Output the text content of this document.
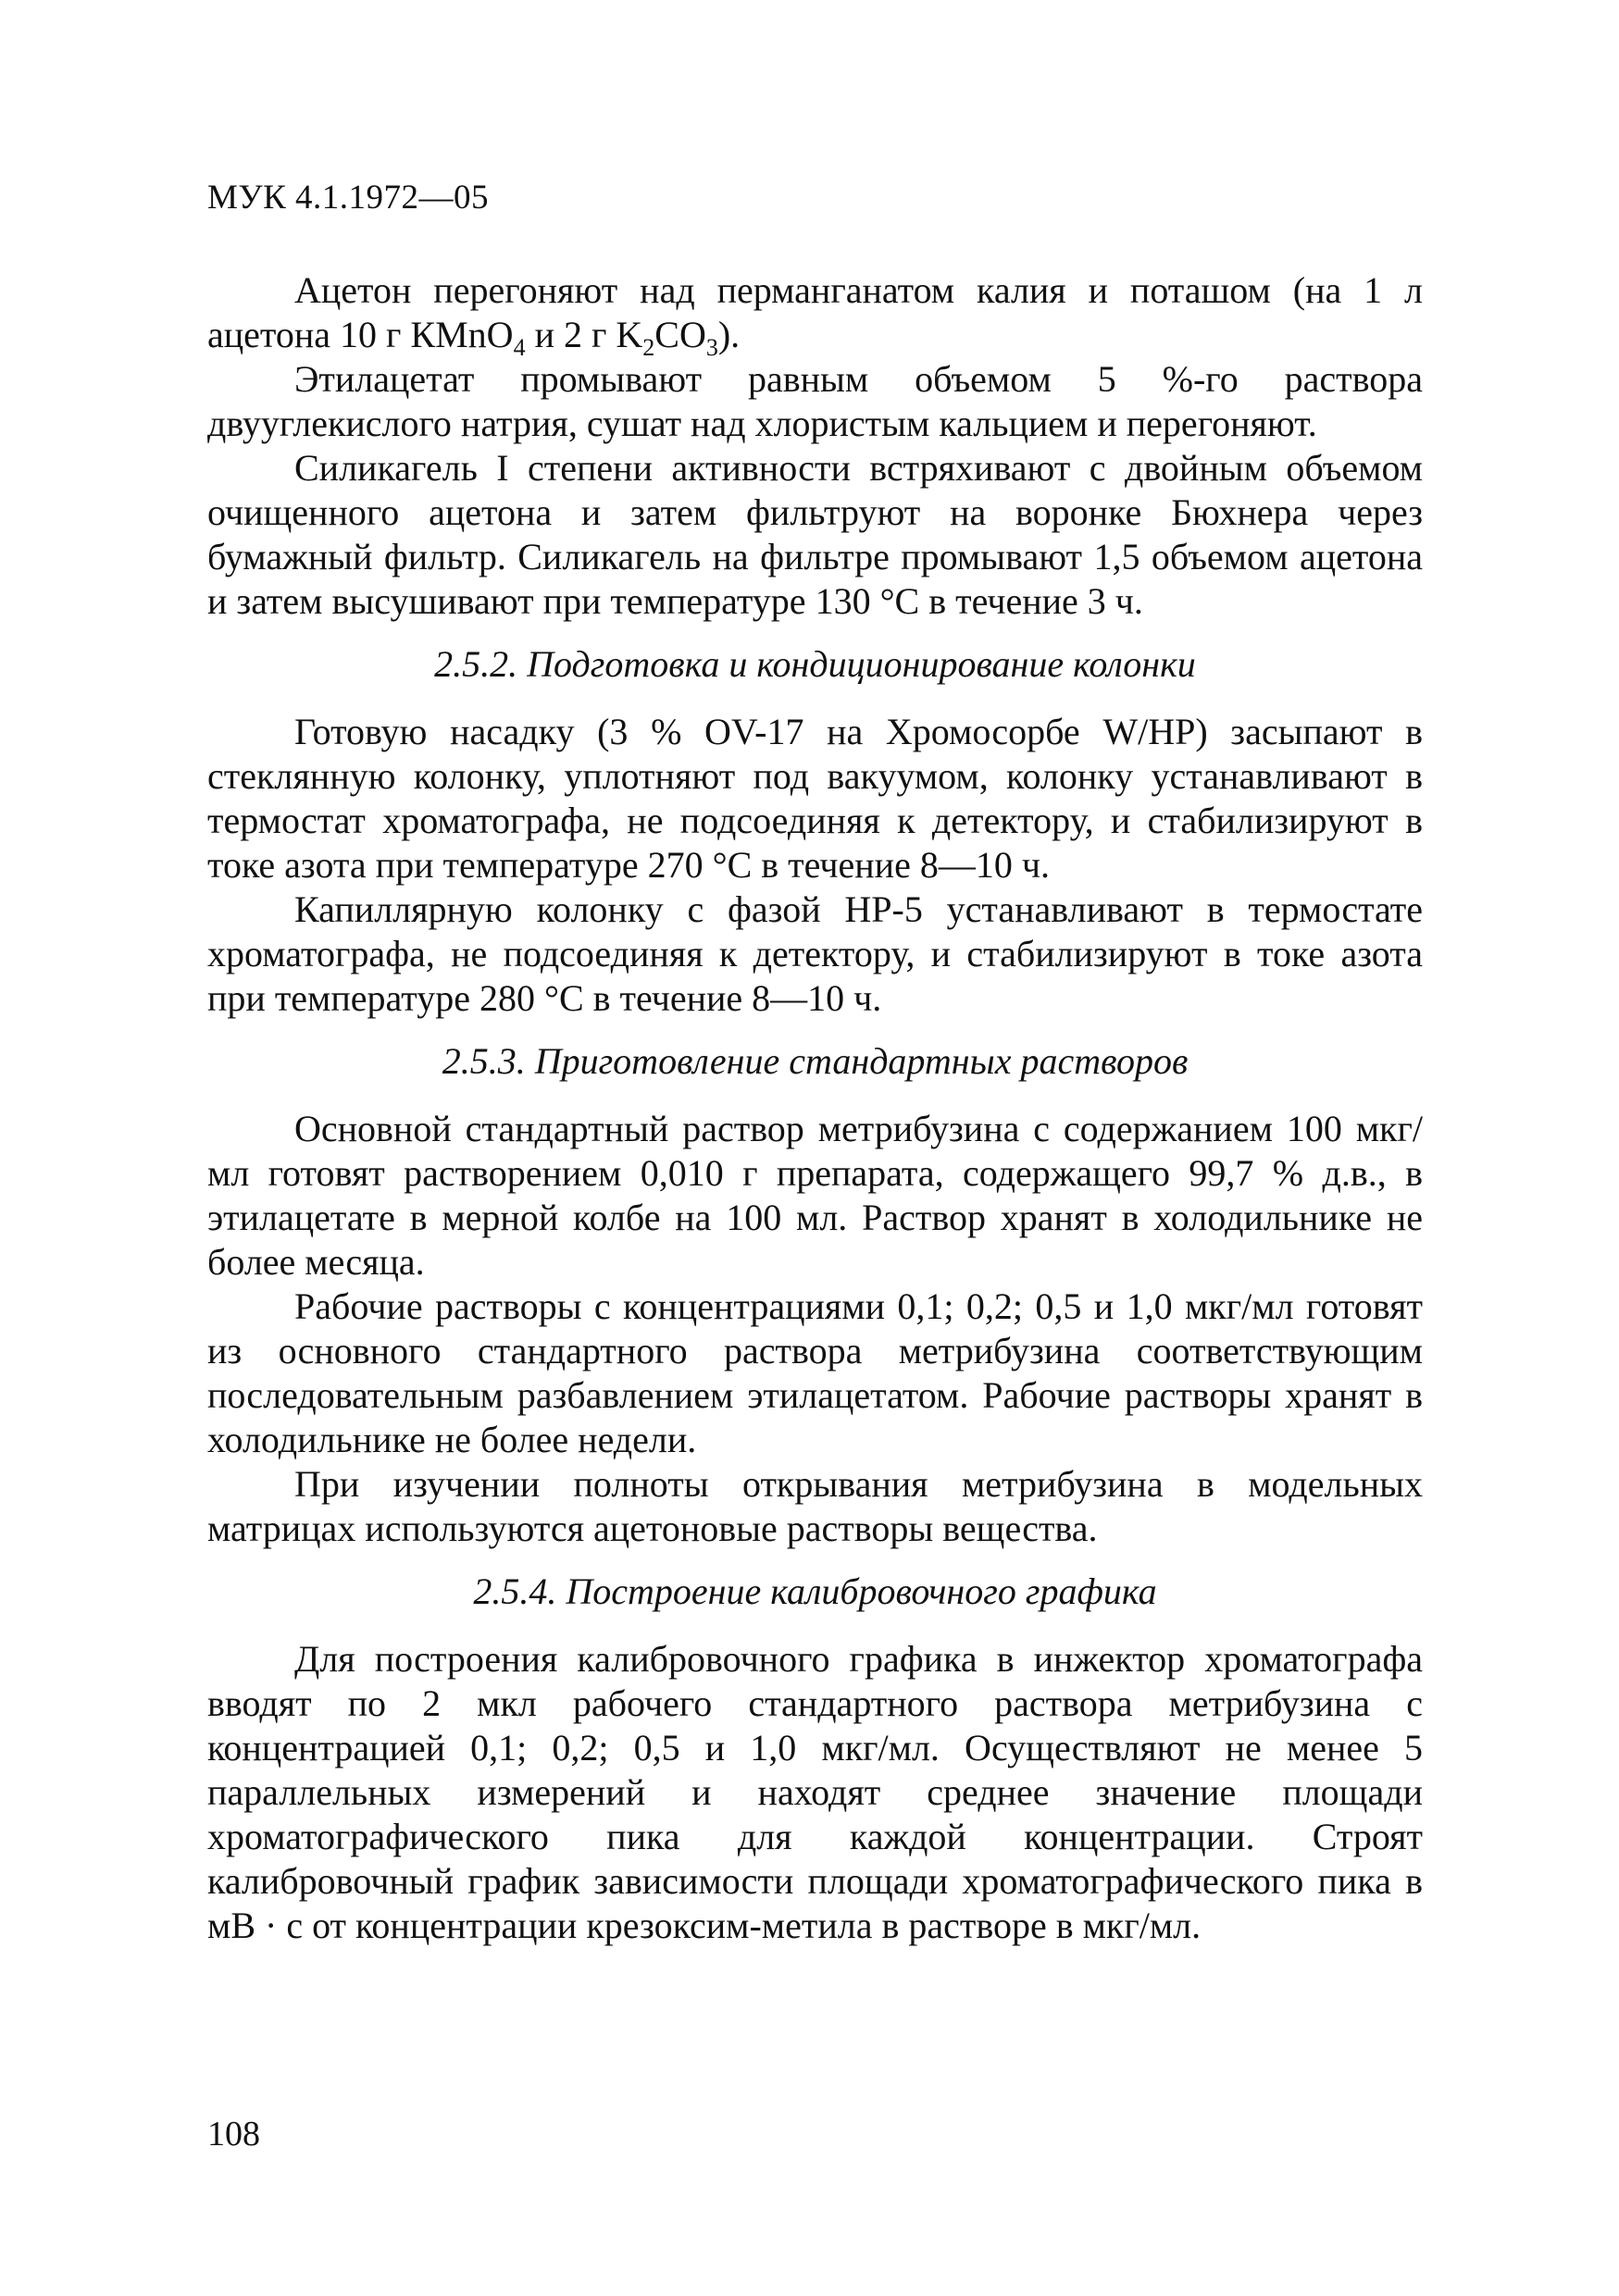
МУК 4.1.1972—05

Ацетон перегоняют над перманганатом калия и поташом (на 1 л ацетона 10 г КMnO$_4$ и 2 г $K_2CO_3$).

Этилацетат промывают равным объемом 5 %-го раствора двууглекислого натрия, сушат над хлористым кальцием и перегоняют.

Силикагель I степени активности встряхивают с двойным объемом очищенного ацетона и затем фильтруют на воронке Бюхнера через бумажный фильтр. Силикагель на фильтре промывают 1,5 объемом ацетона и затем высушивают при температуре 130 °С в течение 3 ч.

2.5.2. Подготовка и кондиционирование колонки

Готовую насадку (3 % OV-17 на Хромосорбе W/HP) засыпают в стеклянную колонку, уплотняют под вакуумом, колонку устанавливают в термостат хроматографа, не подсоединяя к детектору, и стабилизируют в токе азота при температуре 270 °С в течение 8—10 ч.

Капиллярную колонку с фазой НР-5 устанавливают в термостате хроматографа, не подсоединяя к детектору, и стабилизируют в токе азота при температуре 280 °С в течение 8—10 ч.

2.5.3. Приготовление стандартных растворов

Основной стандартный раствор метрибузина с содержанием 100 мкг/мл готовят растворением 0,010 г препарата, содержащего 99,7 % д.в., в этилацетате в мерной колбе на 100 мл. Раствор хранят в холодильнике не более месяца.

Рабочие растворы с концентрациями 0,1; 0,2; 0,5 и 1,0 мкг/мл готовят из основного стандартного раствора метрибузина соответствующим последовательным разбавлением этилацетатом. Рабочие растворы хранят в холодильнике не более недели.

При изучении полноты открывания метрибузина в модельных матрицах используются ацетоновые растворы вещества.

2.5.4. Построение калибровочного графика

Для построения калибровочного графика в инжектор хроматографа вводят по 2 мкл рабочего стандартного раствора метрибузина с концентрацией 0,1; 0,2; 0,5 и 1,0 мкг/мл. Осуществляют не менее 5 параллельных измерений и находят среднее значение площади хроматографического пика для каждой концентрации. Строят калибровочный график зависимости площади хроматографического пика в мВ · с от концентрации крезоксим-метила в растворе в мкг/мл.

108
